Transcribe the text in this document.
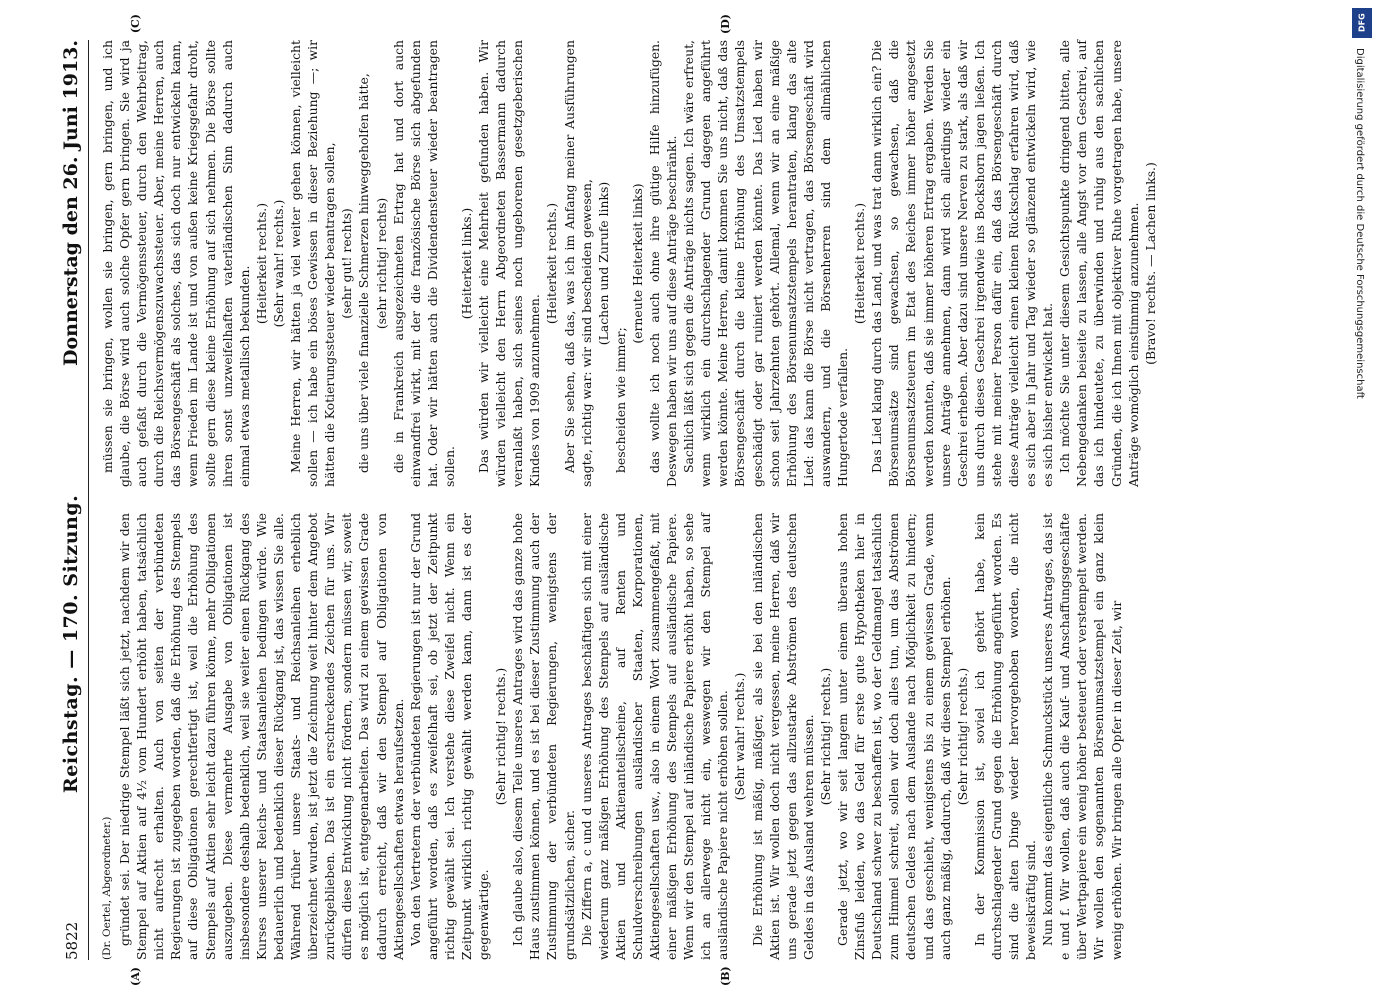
5822
Reichstag. — 170. Sitzung.
Donnerstag den 26. Juni 1913.
(A)	(B)
(C)	(D)

(Dr. Oertel, Abgeordneter.) gründet sei. Der niedrige Stempel läßt sich jetzt, nachdem wir den Stempel auf Aktien auf 4½ vom Hundert erhöht haben, tatsächlich nicht aufrecht erhalten. Auch von seiten der verbündeten Regierungen ist zugegeben worden, daß die Erhöhung des Stempels auf diese Obligationen gerechtfertigt ist, weil die Erhöhung des Stempels auf Aktien sehr leicht dazu führen könne, mehr Obligationen auszugeben. Diese vermehrte Ausgabe von Obligationen ist insbesondere deshalb bedenklich, weil sie weiter einen Rückgang des Kurses unserer Reichs- und Staatsanleihen bedingen würde. Wie bedauerlich und bedenklich dieser Rückgang ist, das wissen Sie alle. Während früher unsere Staats- und Reichsanleihen erheblich überzeichnet wurden, ist jetzt die Zeichnung weit hinter dem Angebot zurückgeblieben. Das ist ein erschreckendes Zeichen für uns. Wir dürfen diese Entwicklung nicht fördern, sondern müssen wir, soweit es möglich ist, entgegenarbeiten. Das wird zu einem gewissen Grade dadurch erreicht, daß wir den Stempel auf Obligationen von Aktiengesellschaften etwas heraufsetzen. Von den Vertretern der verbündeten Regierungen ist nur der Grund angeführt worden, daß es zweifelhaft sei, ob jetzt der Zeitpunkt richtig gewählt sei. Ich verstehe diese Zweifel nicht. Wenn ein Zeitpunkt wirklich richtig gewählt werden kann, dann ist es der gegenwärtige.

(Sehr richtig! rechts.) Ich glaube also, diesem Teile unseres Antrages wird das ganze hohe Haus zustimmen können, und es ist bei dieser Zustimmung auch der Zustimmung der verbündeten Regierungen, wenigstens der grundsätzlichen, sicher. Die Ziffern a, c und d unseres Antrages beschäftigen sich mit einer wiederum ganz mäßigen Erhöhung des Stempels auf ausländische Aktien und Aktienanteilscheine, auf Renten und Schuldverschreibungen ausländischer Staaten, Korporationen, Aktiengesellschaften usw., also in einem Wort zusammengefaßt, mit einer mäßigen Erhöhung des Stempels auf ausländische Papiere. Wenn wir den Stempel auf inländische Papiere erhöht haben, so sehe ich an allerwege nicht ein, weswegen wir den Stempel auf ausländische Papiere nicht erhöhen sollen. (Sehr wahr! rechts.) Die Erhöhung ist mäßig, mäßiger, als sie bei den inländischen Aktien ist. Wir wollen doch nicht vergessen, meine Herren, daß wir uns gerade jetzt gegen das allzustarke Abströmen des deutschen Geldes in das Ausland wehren müssen. (Sehr richtig! rechts.) Gerade jetzt, wo wir seit langem unter einem überaus hohen Zinsfuß leiden, wo das Geld für erste gute Hypotheken hier in Deutschland schwer zu beschaffen ist, wo der Geldmangel tatsächlich zum Himmel schreit, sollen wir doch alles tun, um das Abströmen deutschen Geldes nach dem Auslande nach Möglichkeit zu hindern; und das geschieht, wenigstens bis zu einem gewissen Grade, wenn auch ganz mäßig, dadurch, daß wir diesen Stempel erhöhen. (Sehr richtig! rechts.) In der Kommission ist, soviel ich gehört habe, kein durchschlagender Grund gegen die Erhöhung angeführt worden. Es sind die alten Dinge wieder hervorgehoben worden, die nicht beweiskräftig sind. Nun kommt das eigentliche Schmuckstück unseres Antrages, das ist e und f. Wir wollen, daß auch die Kauf- und Anschaffungsgeschäfte über Wertpapiere ein wenig höher besteuert oder verstempelt werden. Wir wollen den sogenannten Börsenumsatzstempel ein ganz klein wenig erhöhen. Wir bringen alle Opfer in dieser Zeit, wir

müssen sie bringen, wollen sie bringen, gern bringen, und ich glaube, die Börse wird auch solche Opfer gern bringen. Sie wird ja auch gefaßt durch die Vermögenssteuer, durch den Wehrbeitrag, durch die Reichsvermögenszuwachssteuer. Aber, meine Herren, auch das Börsengeschäft als solches, das sich doch nur entwickeln kann, wenn Frieden im Lande ist und von außen keine Kriegsgefahr droht, sollte gern diese kleine Erhöhung auf sich nehmen. Die Börse sollte ihren sonst unzweifelhaften vaterländischen Sinn dadurch auch einmal etwas metallisch bekunden.

(Heiterkeit rechts.) (Sehr wahr! rechts.) Meine Herren, wir hätten ja viel weiter gehen können, vielleicht sollen — ich habe ein böses Gewissen in dieser Beziehung —; wir hätten die Kotierungssteuer wieder beantragen sollen, (sehr gut! rechts) die uns über viele finanzielle Schmerzen hinweggeholfen hätte, (sehr richtig! rechts) die in Frankreich ausgezeichneten Ertrag hat und dort auch einwandfrei wirkt, mit der die französische Börse sich abgefunden hat. Oder wir hätten auch die Dividendensteuer wieder beantragen sollen.

(Heiterkeit links.) Das würden wir vielleicht eine Mehrheit gefunden haben. Wir würden vielleicht den Herrn Abgeordneten Bassermann dadurch veranlaßt haben, sich seines noch ungeborenen gesetzgeberischen Kindes von 1909 anzunehmen.

(Heiterkeit rechts.) Aber Sie sehen, daß das, was ich im Anfang meiner Ausführungen sagte, richtig war: wir sind bescheiden gewesen, (Lachen und Zurufe links)

bescheiden wie immer;

(erneute Heiterkeit links) das wollte ich noch auch ohne ihre gütige Hilfe hinzufügen. Deswegen haben wir uns auf diese Anträge beschränkt. Sachlich läßt sich gegen die Anträge nichts sagen. Ich wäre erfreut, wenn wirklich ein durchschlagender Grund dagegen angeführt werden könnte. Meine Herren, damit kommen Sie uns nicht, daß das Börsengeschäft durch die kleine Erhöhung des Umsatzstempels geschädigt oder gar ruiniert werden könnte. Das Lied haben wir schon seit Jahrzehnten gehört. Allemal, wenn wir an eine mäßige Erhöhung des Börsenumsatzstempels herantraten, klang das alte Lied: das kann die Börse nicht vertragen, das Börsengeschäft wird auswandern, und die Börsenherren sind dem allmählichen Hungertode verfallen.

(Heiterkeit rechts.) Das Lied klang durch das Land, und was trat dann wirklich ein? Die Börsenumsätze sind gewachsen, so gewachsen, daß die Börsenumsatzsteuern im Etat des Reiches immer höher angesetzt werden konnten, daß sie immer höheren Ertrag ergaben. Werden Sie unsere Anträge annehmen, dann wird sich allerdings wieder ein Geschrei erheben. Aber dazu sind unsere Nerven zu stark, als daß wir uns durch dieses Geschrei irgendwie ins Bockshorn jagen ließen. Ich stehe mit meiner Person dafür ein, daß das Börsengeschäft durch diese Anträge vielleicht einen kleinen Rückschlag erfahren wird, daß es sich aber in Jahr und Tag wieder so glänzend entwickeln wird, wie es sich bisher entwickelt hat. Ich möchte Sie unter diesem Gesichtspunkte dringend bitten, alle Nebengedanken beiseite zu lassen, alle Angst vor dem Geschrei, auf das ich hindeutete, zu überwinden und ruhig aus den sachlichen Gründen, die ich Ihnen mit objektiver Ruhe vorgetragen habe, unsere Anträge womöglich einstimmig anzunehmen. (Bravo! rechts. — Lachen links.)

DFG
Digitalisierung gefördert durch die Deutsche Forschungsgemeinschaft
